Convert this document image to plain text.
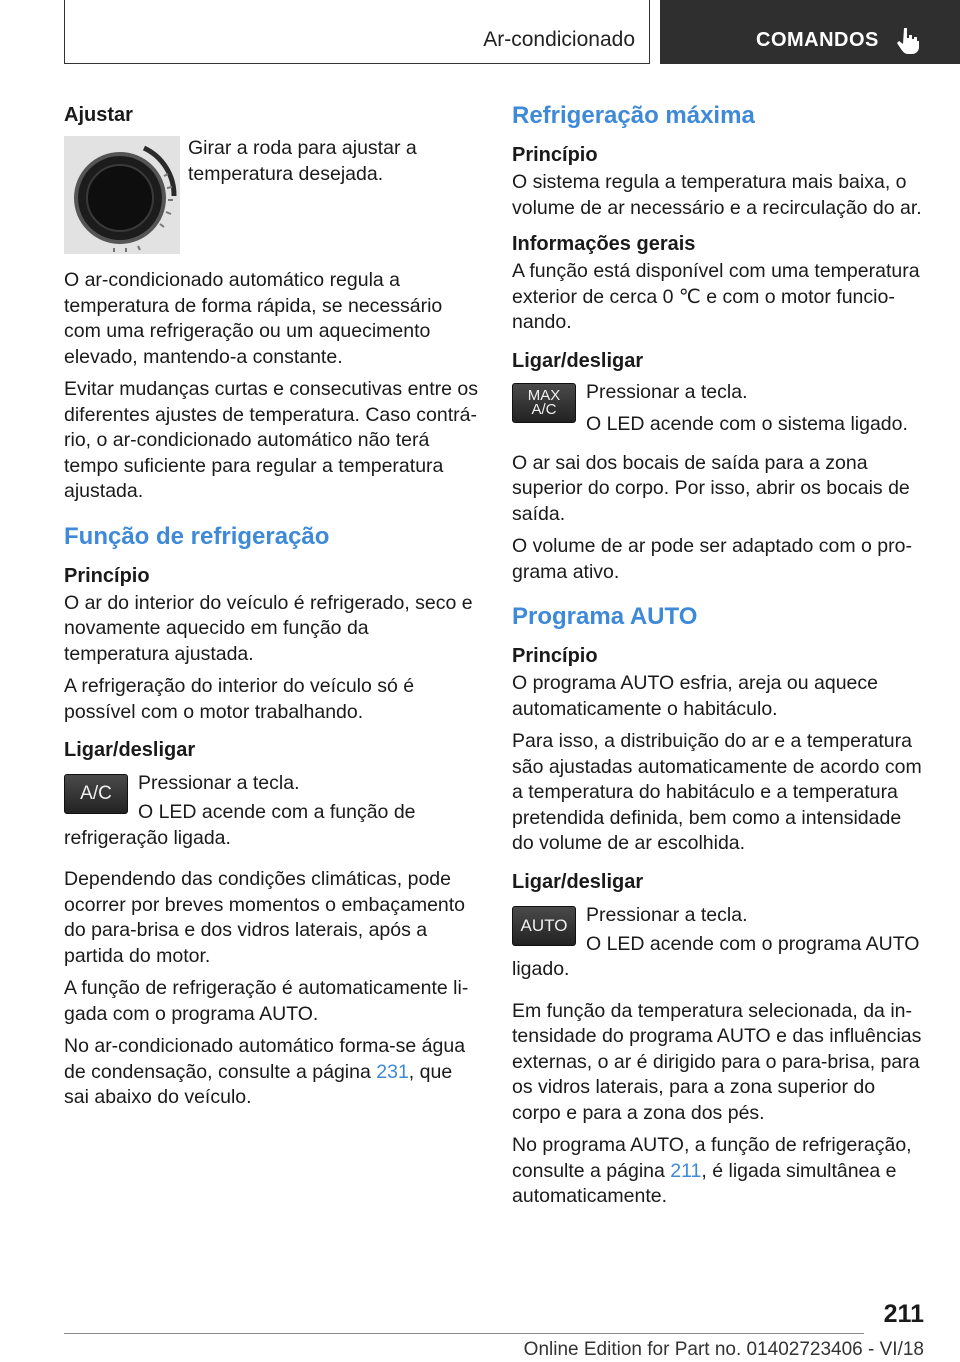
Ar-condicionado	COMANDOS
Ajustar
Girar a roda para ajustar a temperatura desejada.
O ar-condicionado automático regula a temperatura de forma rápida, se necessário com uma refrigeração ou um aquecimento elevado, mantendo-a constante.
Evitar mudanças curtas e consecutivas entre os diferentes ajustes de temperatura. Caso contrário, o ar-condicionado automático não terá tempo suficiente para regular a temperatura ajustada.
Função de refrigeração
Princípio
O ar do interior do veículo é refrigerado, seco e novamente aquecido em função da temperatura ajustada.
A refrigeração do interior do veículo só é possível com o motor trabalhando.
Ligar/desligar
A/C	Pressionar a tecla.
O LED acende com a função de refrigeração ligada.
Dependendo das condições climáticas, pode ocorrer por breves momentos o embaçamento do para-brisa e dos vidros laterais, após a partida do motor.
A função de refrigeração é automaticamente ligada com o programa AUTO.
No ar-condicionado automático forma-se água de condensação, consulte a página 231, que sai abaixo do veículo.
Refrigeração máxima
Princípio
O sistema regula a temperatura mais baixa, o volume de ar necessário e a recirculação do ar.
Informações gerais
A função está disponível com uma temperatura exterior de cerca 0 ℃ e com o motor funcionando.
Ligar/desligar
MAX
A/C
Pressionar a tecla.
O LED acende com o sistema ligado.
O ar sai dos bocais de saída para a zona superior do corpo. Por isso, abrir os bocais de saída.
O volume de ar pode ser adaptado com o programa ativo.
Programa AUTO
Princípio
O programa AUTO esfria, areja ou aquece automaticamente o habitáculo.
Para isso, a distribuição do ar e a temperatura são ajustadas automaticamente de acordo com a temperatura do habitáculo e a temperatura pretendida definida, bem como a intensidade do volume de ar escolhida.
Ligar/desligar
AUTO Pressionar a tecla.
O LED acende com o programa AUTO ligado.
Em função da temperatura selecionada, da intensidade do programa AUTO e das influências externas, o ar é dirigido para o para-brisa, para os vidros laterais, para a zona superior do corpo e para a zona dos pés.
No programa AUTO, a função de refrigeração, consulte a página 211, é ligada simultânea e automaticamente.
211
Online Edition for Part no. 01402723406 - VI/18
